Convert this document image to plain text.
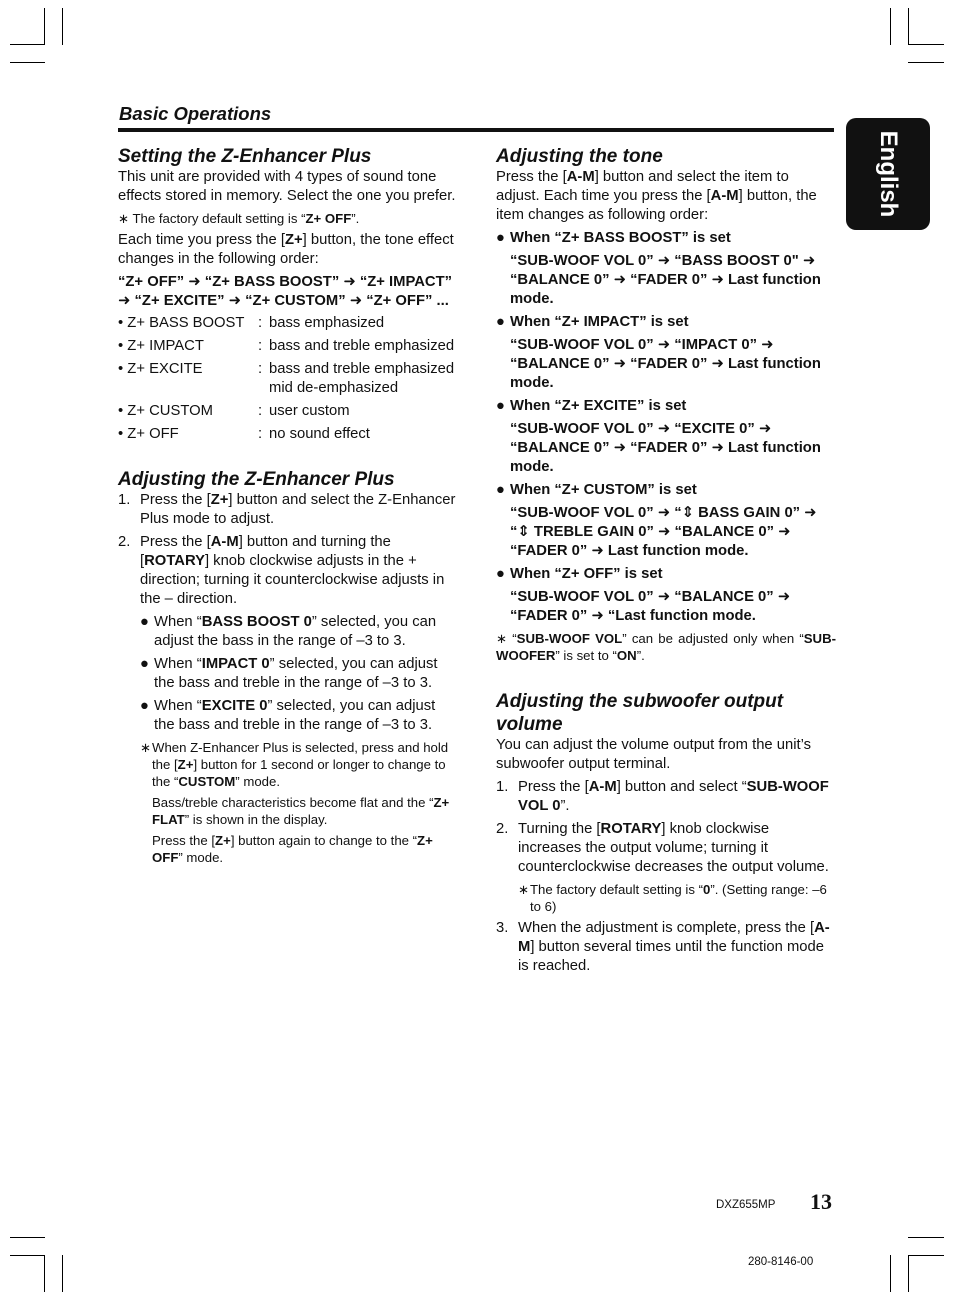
Basic Operations
English
Setting the Z-Enhancer Plus

This unit are provided with 4 types of sound tone effects stored in memory. Select the one you prefer.

∗ The factory default setting is “Z+ OFF”.

Each time you press the [Z+] button, the tone effect changes in the following order:

“Z+ OFF” ➜ “Z+ BASS BOOST” ➜ “Z+ IMPACT” ➜ “Z+ EXCITE” ➜ “Z+ CUSTOM” ➜ “Z+ OFF” ...

• Z+ BASS BOOST	:	bass emphasized
• Z+ IMPACT	:	bass and treble emphasized
• Z+ EXCITE	:	bass and treble emphasized mid de-emphasized
• Z+ CUSTOM	:	user custom
• Z+ OFF	:	no sound effect
Adjusting the Z-Enhancer Plus
1. Press the [Z+] button and select the Z-Enhancer Plus mode to adjust.
2. Press the [A-M] button and turning the [ROTARY] knob clockwise adjusts in the + direction; turning it counterclockwise adjusts in the – direction.
● When “BASS BOOST 0” selected, you can adjust the bass in the range of –3 to 3.
● When “IMPACT 0” selected, you can adjust the bass and treble in the range of –3 to 3.
● When “EXCITE 0” selected, you can adjust the bass and treble in the range of –3 to 3.
∗ When Z-Enhancer Plus is selected, press and hold the [Z+] button for 1 second or longer to change to the “CUSTOM” mode.

Bass/treble characteristics become flat and the “Z+ FLAT” is shown in the display.

Press the [Z+] button again to change to the “Z+ OFF” mode.

Adjusting the tone

Press the [A-M] button and select the item to adjust. Each time you press the [A-M] button, the item changes as following order:

● When “Z+ BASS BOOST” is set

“SUB-WOOF VOL 0” ➜ “BASS BOOST 0" ➜ “BALANCE 0” ➜ “FADER 0” ➜ Last function mode.

● When “Z+ IMPACT” is set

“SUB-WOOF VOL 0” ➜ “IMPACT 0” ➜ “BALANCE 0” ➜ “FADER 0” ➜ Last function mode.

● When “Z+ EXCITE” is set

“SUB-WOOF VOL 0” ➜ “EXCITE 0” ➜ “BALANCE 0” ➜ “FADER 0” ➜ Last function mode.

● When “Z+ CUSTOM” is set

“SUB-WOOF VOL 0” ➜ “⇕ BASS GAIN 0” ➜ “⇕ TREBLE GAIN 0” ➜ “BALANCE 0” ➜ “FADER 0” ➜ Last function mode.

● When “Z+ OFF” is set

“SUB-WOOF VOL 0” ➜ “BALANCE 0” ➜ “FADER 0” ➜ “Last function mode.

∗ “SUB-WOOF VOL” can be adjusted only when “SUB-WOOFER” is set to “ON”.

Adjusting the subwoofer output volume

You can adjust the volume output from the unit’s subwoofer output terminal.

1. Press the [A-M] button and select “SUB-WOOF VOL 0”.
2. Turning the [ROTARY] knob clockwise increases the output volume; turning it counterclockwise decreases the output volume.
∗ The factory default setting is “0”. (Setting range: –6 to 6)
3. When the adjustment is complete, press the [A-M] button several times until the function mode is reached.
DXZ655MP 13
280-8146-00
